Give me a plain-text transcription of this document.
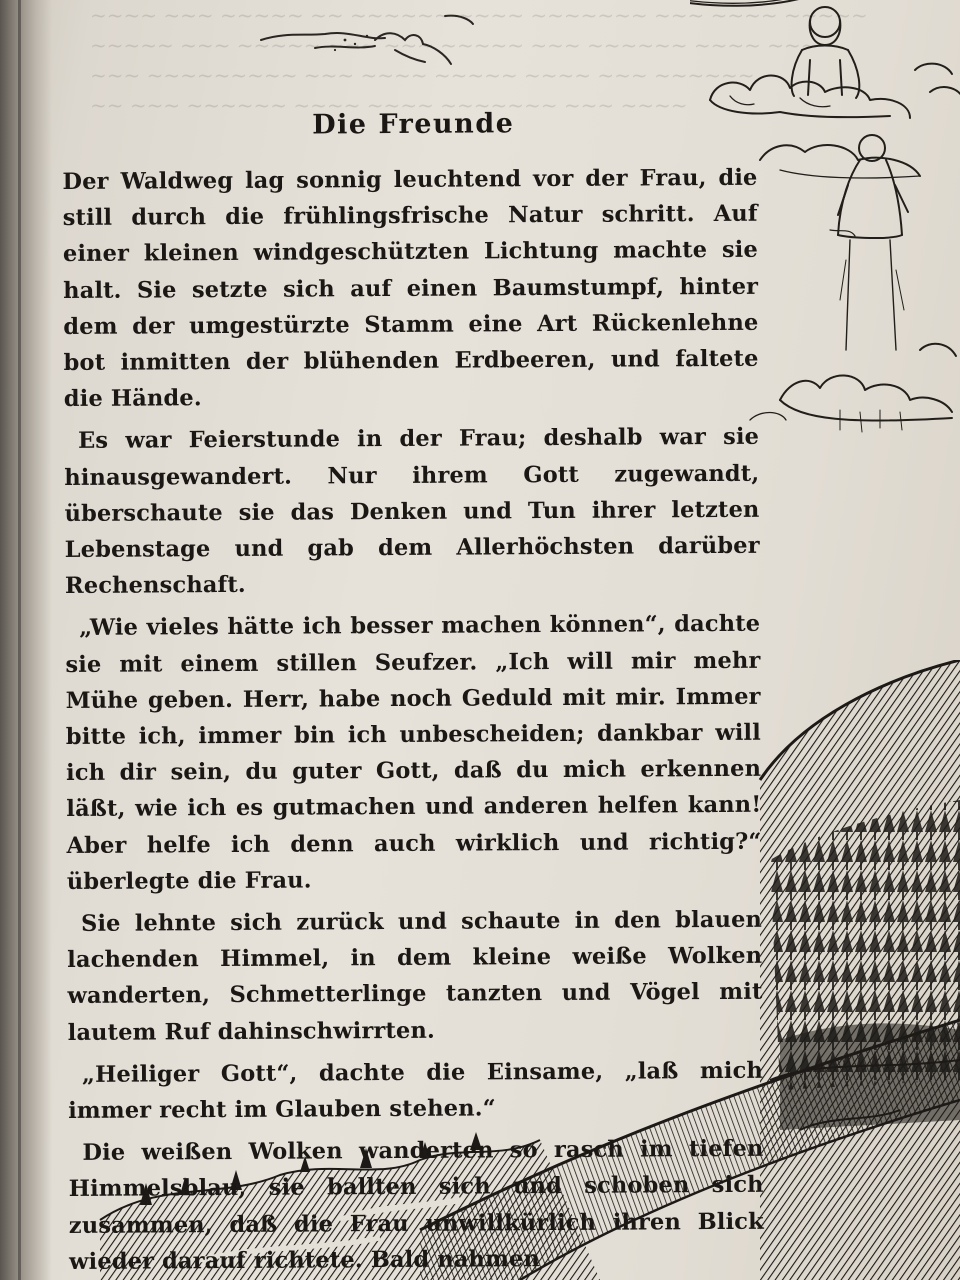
~~~~ ~~~ ~~~~~ ~~ ~~~~~~ ~~~~ ~~~~~~~ ~~~ ~~~~ ~~~~~
~~~~~ ~~~ ~~~~~ ~~~ ~~~ ~~~~~ ~~~ ~~~~~~ ~~~~ ~~~
~~~ ~~~~~~~~~ ~~~ ~~~~ ~~~~~ ~~~~ ~~~ ~~~~~~
~~ ~~~ ~~~~~~ ~~~~ ~~~~ ~~~~~~~ ~~~ ~~~~
Die Freunde

Der Waldweg lag sonnig leuchtend vor der Frau, die still durch die frühlingsfrische Natur schritt. Auf einer kleinen windgeschützten Lichtung machte sie halt. Sie setzte sich auf einen Baumstumpf, hinter dem der umgestürzte Stamm eine Art Rückenlehne bot inmitten der blühenden Erdbeeren, und faltete die Hände.

Es war Feierstunde in der Frau; deshalb war sie hinausgewandert. Nur ihrem Gott zugewandt, überschaute sie das Denken und Tun ihrer letzten Lebenstage und gab dem Allerhöchsten darüber Rechenschaft.

„Wie vieles hätte ich besser machen können“, dachte sie mit einem stillen Seufzer. „Ich will mir mehr Mühe geben. Herr, habe noch Geduld mit mir. Immer bitte ich, immer bin ich unbescheiden; dankbar will ich dir sein, du guter Gott, daß du mich erkennen läßt, wie ich es gutmachen und anderen helfen kann! Aber helfe ich denn auch wirklich und richtig?“ überlegte die Frau.

Sie lehnte sich zurück und schaute in den blauen lachenden Himmel, in dem kleine weiße Wolken wanderten, Schmetterlinge tanzten und Vögel mit lautem Ruf dahinschwirrten.

„Heiliger Gott“, dachte die Einsame, „laß mich immer recht im Glauben stehen.“

Die weißen Wolken wanderten so rasch im tiefen Himmelsblau, sie ballten sich und schoben sich zusammen, daß die Frau unwillkürlich ihren Blick wieder darauf richtete. Bald nahmen
